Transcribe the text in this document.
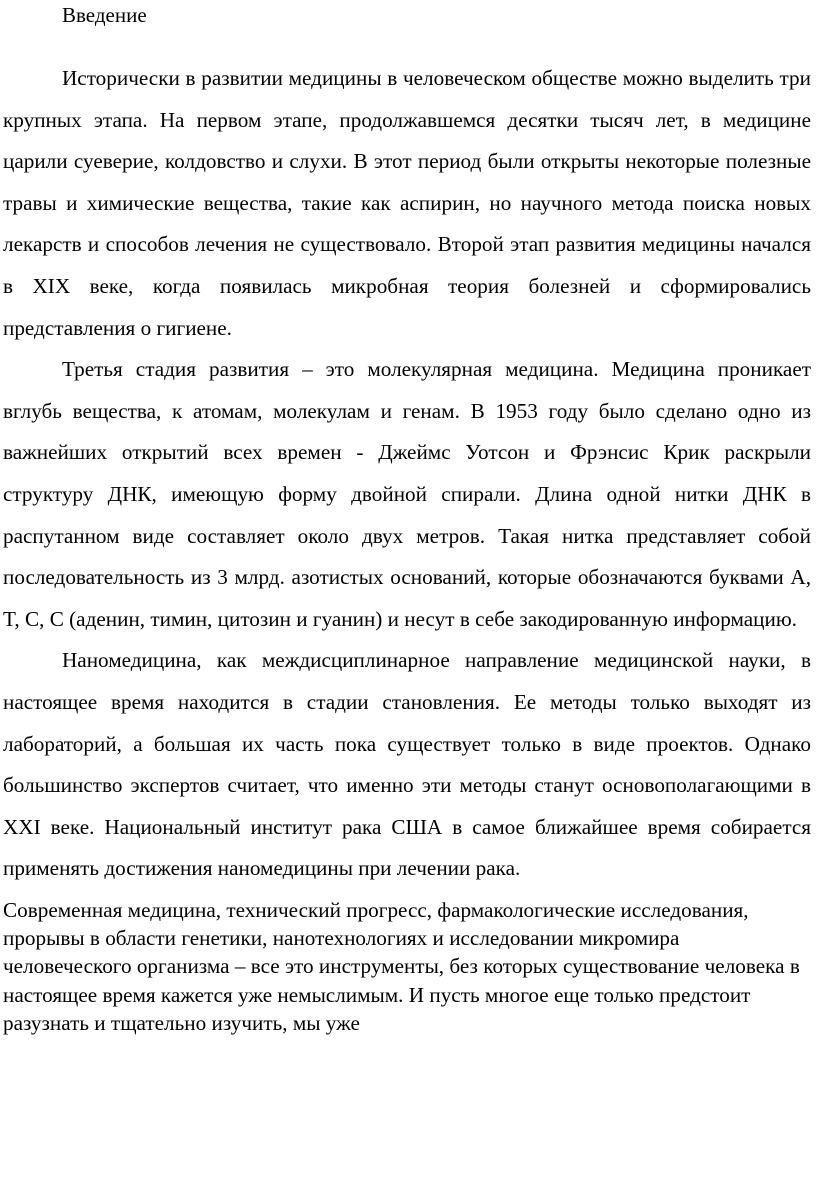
Введение

Исторически в развитии медицины в человеческом обществе можно выделить три крупных этапа. На первом этапе, продолжавшемся десятки тысяч лет, в медицине царили суеверие, колдовство и слухи. В этот период были открыты некоторые полезные травы и химические вещества, такие как аспирин, но научного метода поиска новых лекарств и способов лечения не существовало. Второй этап развития медицины начался в XIX веке, когда появилась микробная теория болезней и сформировались представления о гигиене.

Третья стадия развития – это молекулярная медицина. Медицина проникает вглубь вещества, к атомам, молекулам и генам. В 1953 году было сделано одно из важнейших открытий всех времен - Джеймс Уотсон и Фрэнсис Крик раскрыли структуру ДНК, имеющую форму двойной спирали. Длина одной нитки ДНК в распутанном виде составляет около двух метров. Такая нитка представляет собой последовательность из 3 млрд. азотистых оснований, которые обозначаются буквами A, T, C, C (аденин, тимин, цитозин и гуанин) и несут в себе закодированную информацию.

Наномедицина, как междисциплинарное направление медицинской науки, в настоящее время находится в стадии становления. Ее методы только выходят из лабораторий, а большая их часть пока существует только в виде проектов. Однако большинство экспертов считает, что именно эти методы станут основополагающими в XXI веке. Национальный институт рака США в самое ближайшее время собирается применять достижения наномедицины при лечении рака.

Современная медицина, технический прогресс, фармакологические исследования, прорывы в области генетики, нанотехнологиях и исследовании микромира человеческого организма – все это инструменты, без которых существование человека в настоящее время кажется уже немыслимым. И пусть многое еще только предстоит разузнать и тщательно изучить, мы уже
